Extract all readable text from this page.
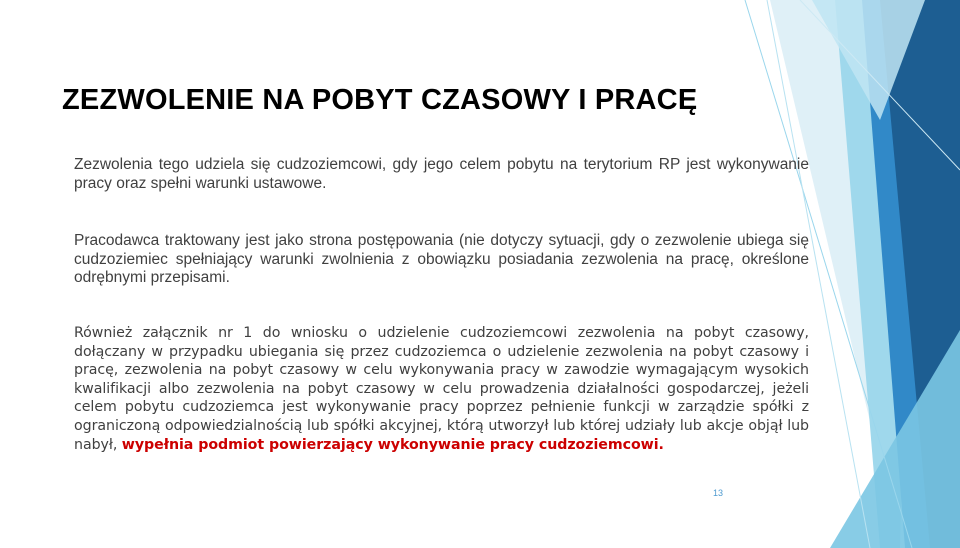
ZEZWOLENIE NA POBYT CZASOWY I PRACĘ

Zezwolenia tego udziela się cudzoziemcowi, gdy jego celem pobytu na terytorium RP jest wykonywanie pracy oraz spełni warunki ustawowe.

Pracodawca traktowany jest jako strona postępowania (nie dotyczy sytuacji, gdy o zezwolenie ubiega się cudzoziemiec spełniający warunki zwolnienia z obowiązku posiadania zezwolenia na pracę, określone odrębnymi przepisami.

Również załącznik nr 1 do wniosku o udzielenie cudzoziemcowi zezwolenia na pobyt czasowy, dołączany w przypadku ubiegania się przez cudzoziemca o udzielenie zezwolenia na pobyt czasowy i pracę, zezwolenia na pobyt czasowy w celu wykonywania pracy w zawodzie wymagającym wysokich kwalifikacji albo zezwolenia na pobyt czasowy w celu prowadzenia działalności gospodarczej, jeżeli celem pobytu cudzoziemca jest wykonywanie pracy poprzez pełnienie funkcji w zarządzie spółki z ograniczoną odpowiedzialnością lub spółki akcyjnej, którą utworzył lub której udziały lub akcje objął lub nabył, wypełnia podmiot powierzający wykonywanie pracy cudzoziemcowi.

13
